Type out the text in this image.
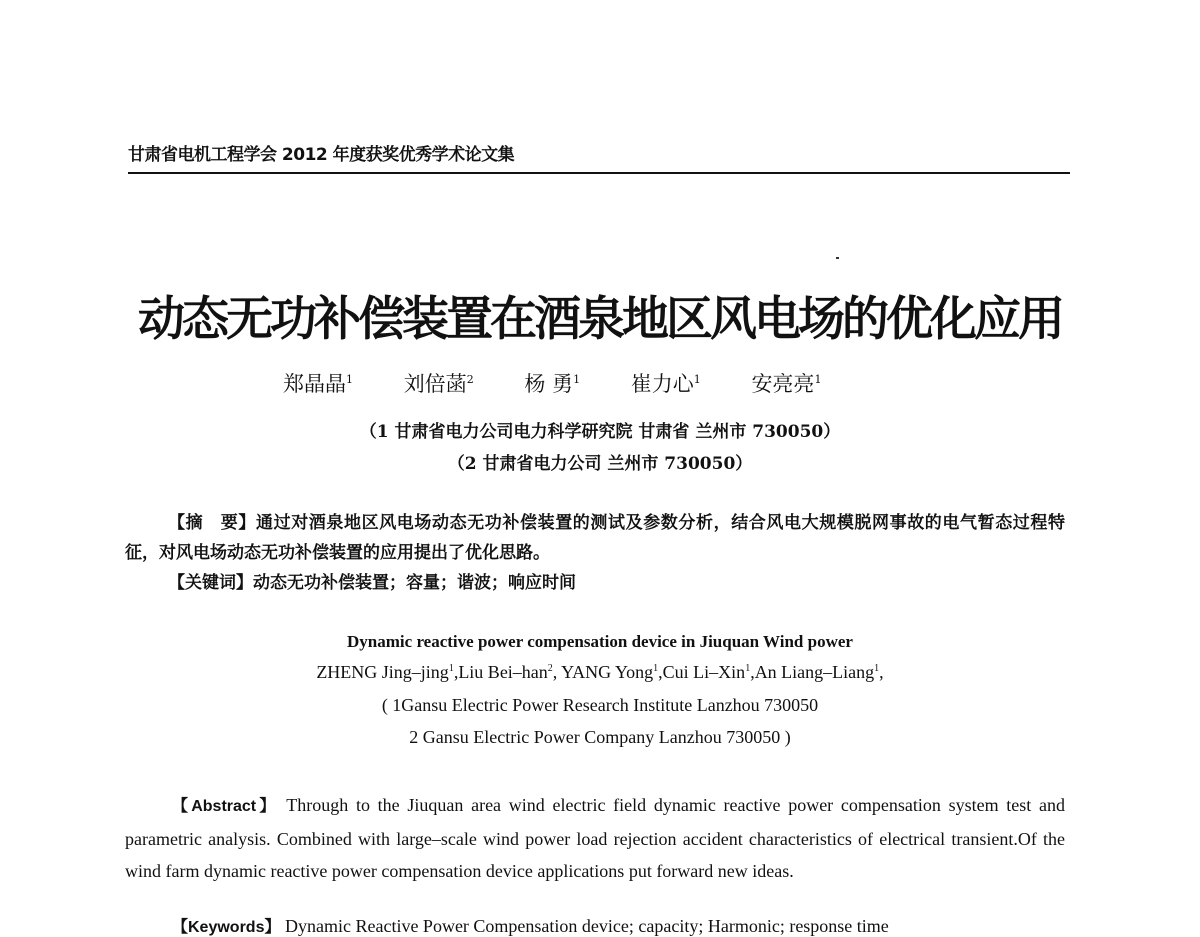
甘肃省电机工程学会 2012 年度获奖优秀学术论文集
动态无功补偿装置在酒泉地区风电场的优化应用
郑晶晶$^1$ 刘倍菡$^2$ 杨 勇$^1$ 崔力心$^1$ 安亮亮$^1$
（1 甘肃省电力公司电力科学研究院 甘肃省 兰州市 730050）
（2 甘肃省电力公司 兰州市 730050）
【摘　要】通过对酒泉地区风电场动态无功补偿装置的测试及参数分析，结合风电大规模脱网事故的电气暂态过程特征，对风电场动态无功补偿装置的应用提出了优化思路。
【关键词】动态无功补偿装置；容量；谐波；响应时间
Dynamic reactive power compensation device in Jiuquan Wind power
ZHENG Jing–jing$^1$,Liu Bei–han$^2$, YANG Yong$^1$,Cui Li–Xin$^1$,An Liang–Liang$^1$,
( 1Gansu Electric Power Research Institute Lanzhou 730050
2 Gansu Electric Power Company Lanzhou 730050 )
【Abstract】 Through to the Jiuquan area wind electric field dynamic reactive power compensation system test and parametric analysis. Combined with large–scale wind power load rejection accident characteristics of electrical transient.Of the wind farm dynamic reactive power compensation device applications put forward new ideas.
【Keywords】 Dynamic Reactive Power Compensation device; capacity; Harmonic; response time
